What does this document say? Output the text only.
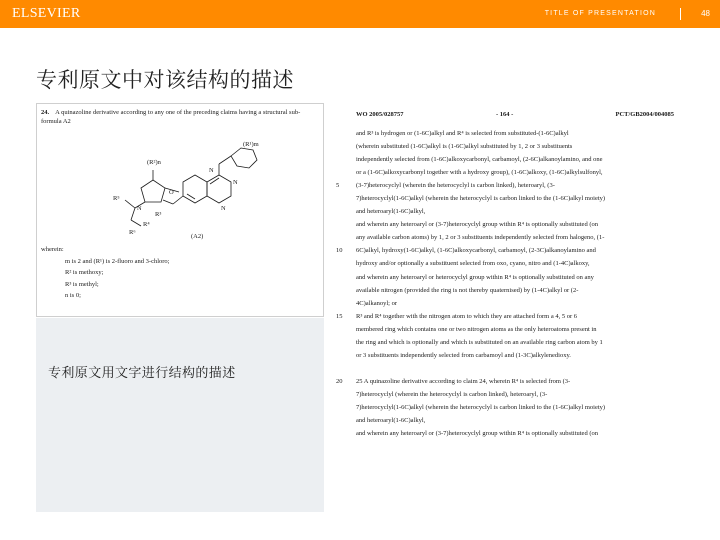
ELSEVIER	TITLE OF PRESENTATION	48
专利原文中对该结构的描述
24. A quinazoline derivative according to any one of the preceding claims having a structural sub-formula A2
(R²)n
(R¹)m
R⁵
R⁶
N
R³
R⁴
O
N
N
N
(A2)
wherein:
m is 2 and (R¹) is 2-fluoro and 3-chloro;
R² is methoxy;
R³ is methyl;
n is 0;
专利原文用文字进行结构的描述
WO 2005/028757	- 164 -	PCT/GB2004/004085
and R³ is hydrogen or (1-6C)alkyl and R⁴ is selected from substituted-(1-6C)alkyl
(wherein substituted (1-6C)alkyl is (1-6C)alkyl substituted by 1, 2 or 3 substituents
independently selected from (1-6C)alkoxycarbonyl, carbamoyl, (2-6C)alkanoylamino, and one
or a (1-6C)alkoxycarbonyl together with a hydroxy group), (1-6C)alkoxy, (1-6C)alkylsulfonyl,
5	(3-7)heterocyclyl (wherein the heterocyclyl is carbon linked), heteroaryl, (3-
7)heterocyclyl(1-6C)alkyl (wherein the heterocyclyl is carbon linked to the (1-6C)alkyl moiety)
and heteroaryl(1-6C)alkyl,
and wherein any heteroaryl or (3-7)heterocyclyl group within R⁴ is optionally substituted (on
any available carbon atoms) by 1, 2 or 3 substituents independently selected from halogeno, (1-
10 6C)alkyl, hydroxy(1-6C)alkyl, (1-6C)alkoxycarbonyl, carbamoyl, (2-3C)alkanoylamino and
hydroxy and/or optionally a substituent selected from oxo, cyano, nitro and (1-4C)alkoxy,
and wherein any heteroaryl or heterocyclyl group within R⁴ is optionally substituted on any
available nitrogen (provided the ring is not thereby quaternised) by (1-4C)alkyl or (2-
4C)alkanoyl; or
15 R³ and R⁴ together with the nitrogen atom to which they are attached form a 4, 5 or 6
membered ring which contains one or two nitrogen atoms as the only heteroatoms present in
the ring and which is optionally and which is substituted on an available ring carbon atom by 1
or 3 substituents independently selected from carbamoyl and (1-3C)alkylenedioxy.
20 25 A quinazoline derivative according to claim 24, wherein R⁴ is selected from (3-
7)heterocyclyl (wherein the heterocyclyl is carbon linked), heteroaryl, (3-
7)heterocyclyl(1-6C)alkyl (wherein the heterocyclyl is carbon linked to the (1-6C)alkyl moiety)
and heteroaryl(1-6C)alkyl,
and wherein any heteroaryl or (3-7)heterocyclyl group within R⁴ is optionally substituted (on
